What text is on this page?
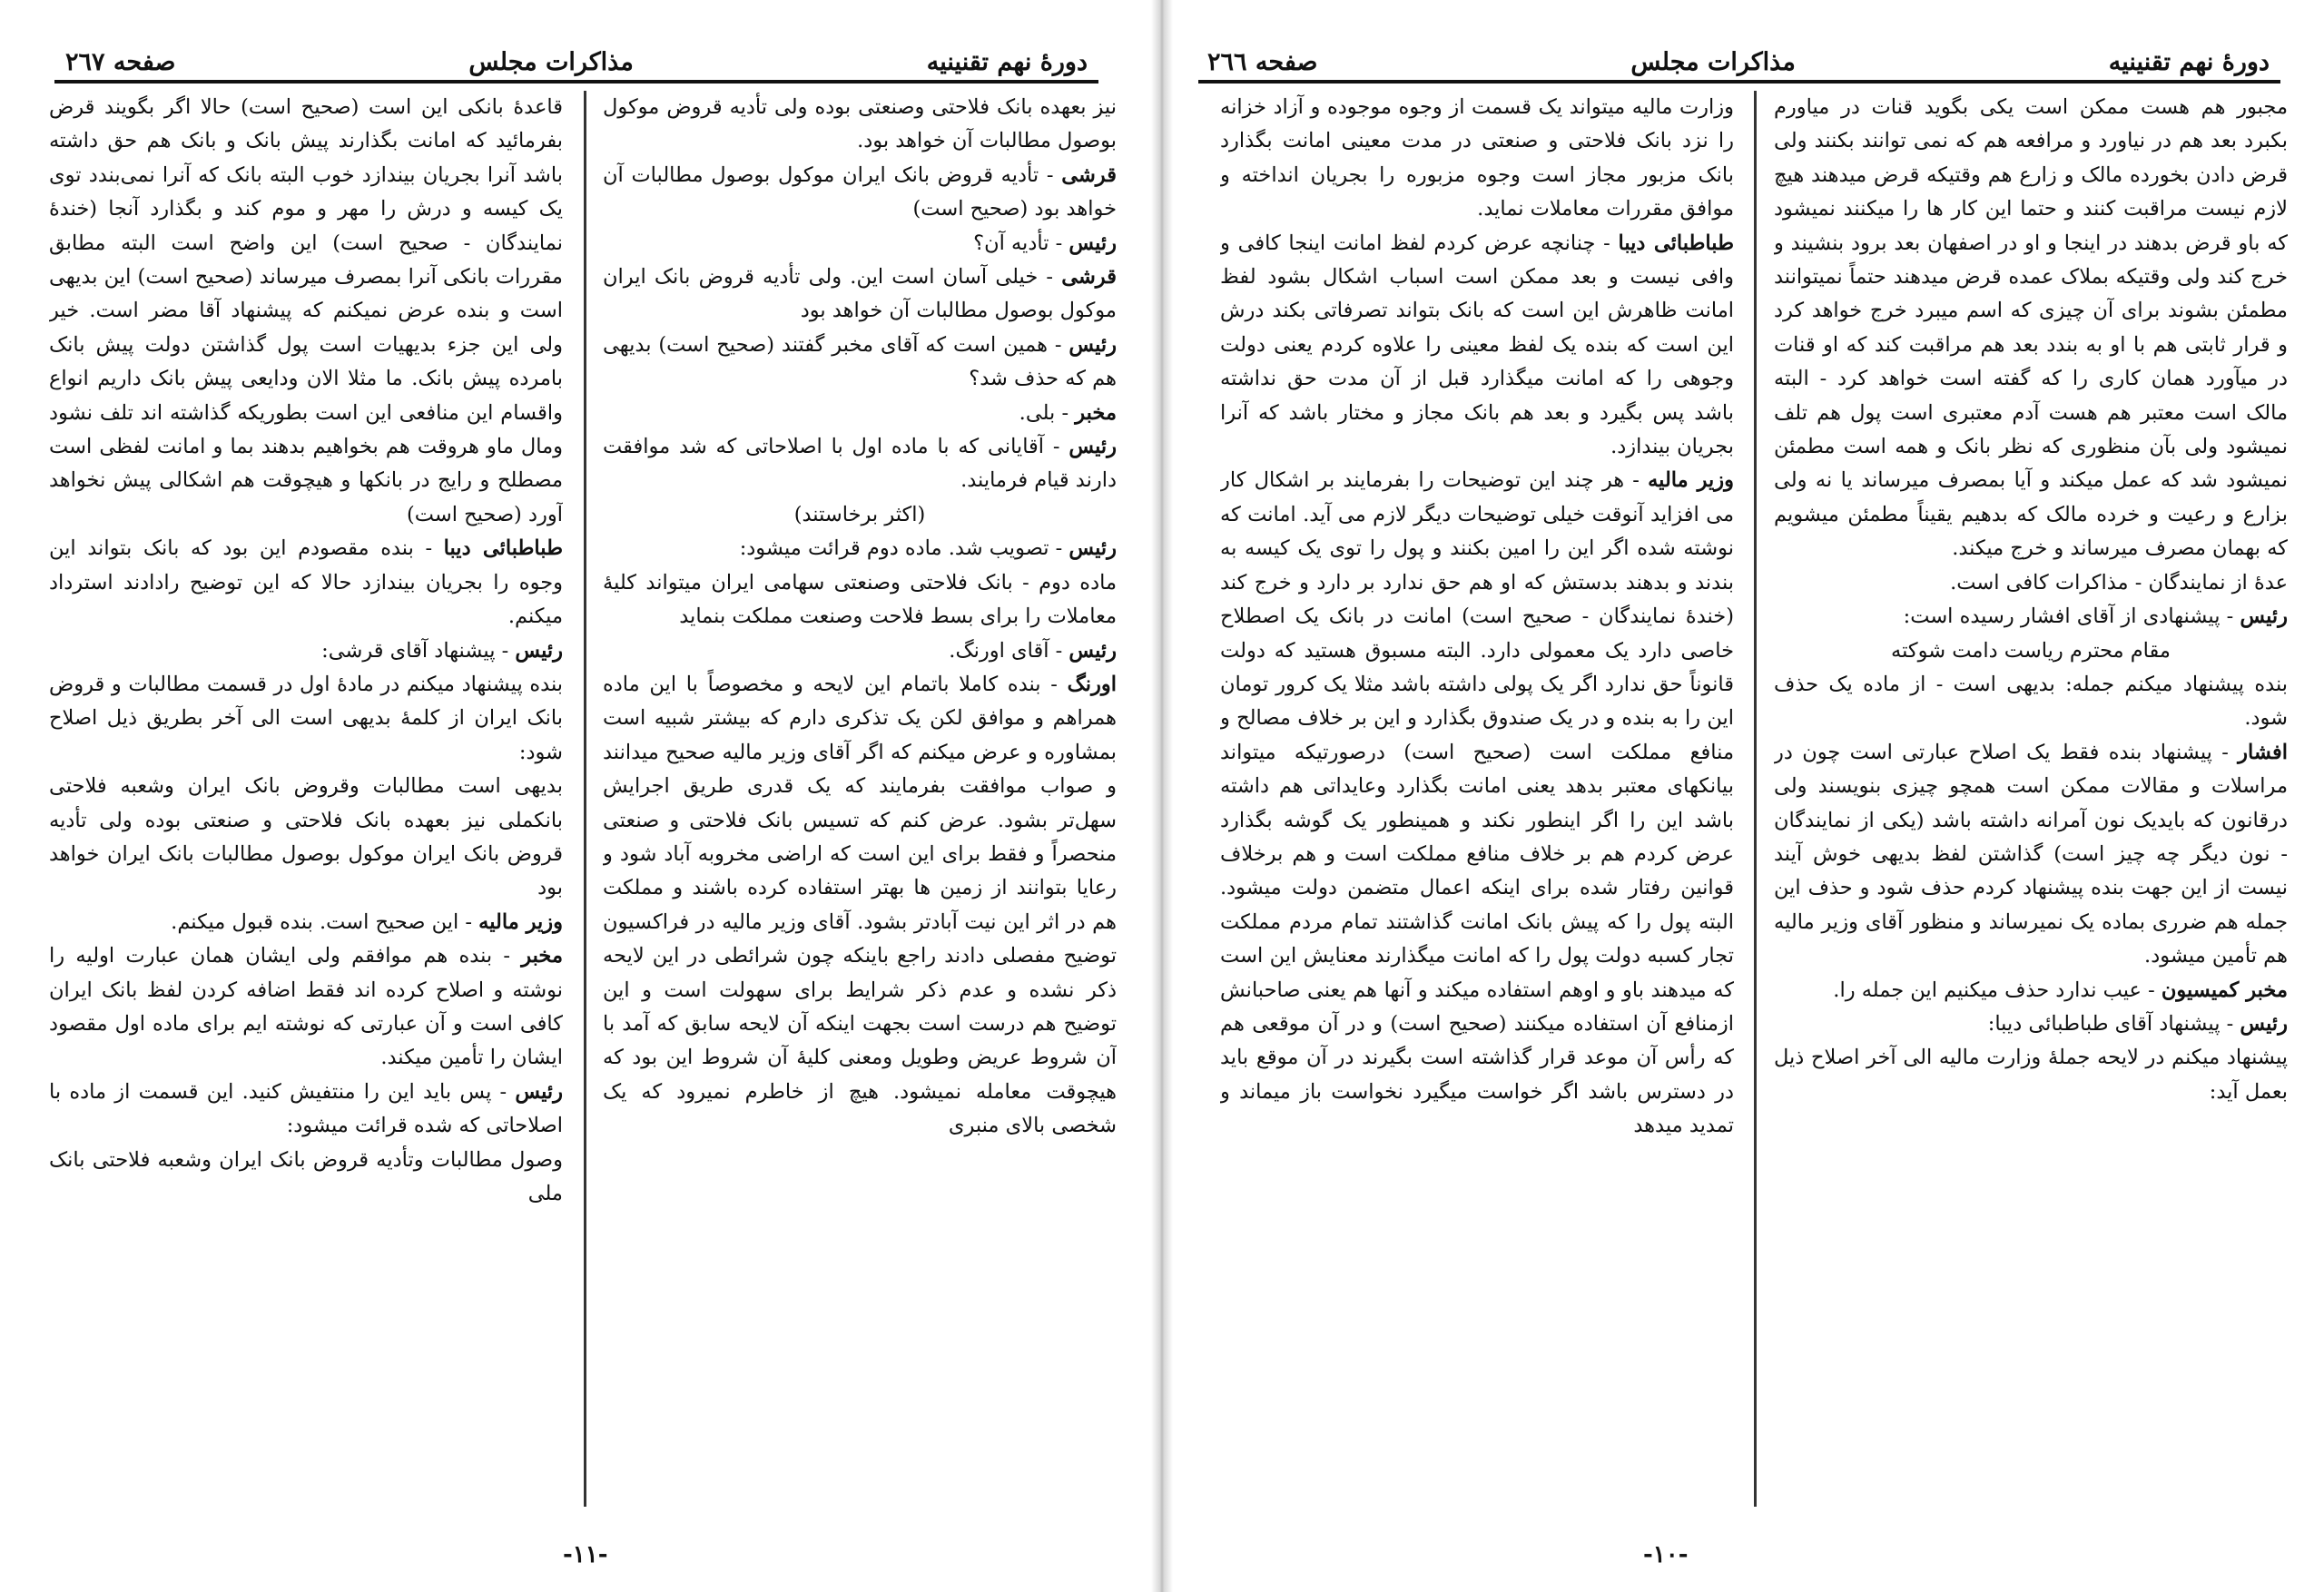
دورهٔ نهم تقنینیه
مذاکرات مجلس
صفحه ٢٦٧

نیز بعهده بانک فلاحتی وصنعتی بوده ولی تأدیه قروض موکول بوصول مطالبات آن خواهد بود.

قرشی - تأدیه قروض بانک ایران موکول بوصول مطالبات آن خواهد بود (صحیح است)

رئیس - تأدیه آن؟

قرشی - خیلی آسان است این. ولی تأدیه قروض بانک ایران موکول بوصول مطالبات آن خواهد بود

رئیس - همین است که آقای مخبر گفتند (صحیح است) بدیهی هم که حذف شد؟

مخبر - بلی.

رئیس - آقایانی که با ماده اول با اصلاحاتی که شد موافقت دارند قیام فرمایند.

(اکثر برخاستند)

رئیس - تصویب شد. ماده دوم قرائت میشود:

ماده دوم - بانک فلاحتی وصنعتی سهامی ایران میتواند کلیهٔ معاملات را برای بسط فلاحت وصنعت مملکت بنماید

رئیس - آقای اورنگ.

اورنگ - بنده کاملا باتمام این لایحه و مخصوصاً با این ماده همراهم و موافق لکن یک تذکری دارم که بیشتر شبیه است بمشاوره و عرض میکنم که اگر آقای وزیر مالیه صحیح میدانند و صواب موافقت بفرمایند که یک قدری طریق اجرایش سهل‌تر بشود. عرض کنم که تسیس بانک فلاحتی و صنعتی منحصراً و فقط برای این است که اراضی مخروبه آباد شود و رعایا بتوانند از زمین ها بهتر استفاده کرده باشند و مملکت هم در اثر این نیت آبادتر بشود. آقای وزیر مالیه در فراکسیون توضیح مفصلی دادند راجع باینکه چون شرائطی در این لایحه ذکر نشده و عدم ذکر شرایط برای سهولت است و این توضیح هم درست است بجهت اینکه آن لایحه سابق که آمد با آن شروط عریض وطویل ومعنی کلیهٔ آن شروط این بود که هیچوقت معامله نمیشود. هیچ از خاطرم نمیرود که یک شخصی بالای منبری

قاعدهٔ بانکی این است (صحیح است) حالا اگر بگویند قرض بفرمائید که امانت بگذارند پیش بانک و بانک هم حق داشته باشد آنرا بجریان بیندازد خوب البته بانک که آنرا نمی‌بندد توی یک کیسه و درش را مهر و موم کند و بگذارد آنجا (خندهٔ نمایندگان - صحیح است) این واضح است البته مطابق مقررات بانکی آنرا بمصرف میرساند (صحیح است) این بدیهی است و بنده عرض نمیکنم که پیشنهاد آقا مضر است. خیر ولی این جزء بدیهیات است پول گذاشتن دولت پیش بانک بامرده پیش بانک. ما مثلا الان ودایعی پیش بانک داریم انواع واقسام این منافعی این است بطوریکه گذاشته اند تلف نشود ومال ماو هروقت هم بخواهیم بدهند بما و امانت لفظی است مصطلح و رایج در بانکها و هیچوقت هم اشکالی پیش نخواهد آورد (صحیح است)

طباطبائی دیبا - بنده مقصودم این بود که بانک بتواند این وجوه را بجریان بیندازد حالا که این توضیح رادادند استرداد میکنم.

رئیس - پیشنهاد آقای قرشی:

بنده پیشنهاد میکنم در مادهٔ اول در قسمت مطالبات و قروض بانک ایران از کلمهٔ بدیهی است الی آخر بطریق ذیل اصلاح شود:

بدیهی است مطالبات وقروض بانک ایران وشعبه فلاحتی بانکملی نیز بعهده بانک فلاحتی و صنعتی بوده ولی تأدیه قروض بانک ایران موکول بوصول مطالبات بانک ایران خواهد بود

وزیر مالیه - این صحیح است. بنده قبول میکنم.

مخبر - بنده هم موافقم ولی ایشان همان عبارت اولیه را نوشته و اصلاح کرده اند فقط اضافه کردن لفظ بانک ایران کافی است و آن عبارتی که نوشته ایم برای ماده اول مقصود ایشان را تأمین میکند.

رئیس - پس باید این را منتفیش کنید. این قسمت از ماده با اصلاحاتی که شده قرائت میشود:

وصول مطالبات وتأدیه قروض بانک ایران وشعبه فلاحتی بانک ملی

-١١-
دورهٔ نهم تقنینیه
مذاکرات مجلس
صفحه ٢٦٦

مجبور هم هست ممکن است یکی بگوید قنات در میاورم بکبرد بعد هم در نیاورد و مرافعه هم که نمی توانند بکنند ولی قرض دادن بخورده مالک و زارع هم وقتیکه قرض میدهند هیچ لازم نیست مراقبت کنند و حتما این کار ها را میکنند نمیشود که باو قرض بدهند در اینجا و او در اصفهان بعد برود بنشیند و خرج کند ولی وقتیکه بملاک عمده قرض میدهند حتماً نمیتوانند مطمئن بشوند برای آن چیزی که اسم میبرد خرج خواهد کرد و قرار ثابتی هم با او به بندد بعد هم مراقبت کند که او قنات در میآورد همان کاری را که گفته است خواهد کرد - البته مالک است معتبر هم هست آدم معتبری است پول هم تلف نمیشود ولی بآن منظوری که نظر بانک و همه است مطمئن نمیشود شد که عمل میکند و آیا بمصرف میرساند یا نه ولی بزارع و رعیت و خرده مالک که بدهیم یقیناً مطمئن میشویم که بهمان مصرف میرساند و خرج میکند.

عدهٔ از نمایندگان - مذاکرات کافی است.

رئیس - پیشنهادی از آقای افشار رسیده است:

مقام محترم ریاست دامت شوکته

بنده پیشنهاد میکنم جمله: بدیهی است - از ماده یک حذف شود.

افشار - پیشنهاد بنده فقط یک اصلاح عبارتی است چون در مراسلات و مقالات ممکن است همچو چیزی بنویسند ولی درقانون که بایدیک نون آمرانه داشته باشد (یکی از نمایندگان - نون دیگر چه چیز است) گذاشتن لفظ بدیهی خوش آیند نیست از این جهت بنده پیشنهاد کردم حذف شود و حذف این جمله هم ضرری بماده یک نمیرساند و منظور آقای وزیر مالیه هم تأمین میشود.

مخبر کمیسیون - عیب ندارد حذف میکنیم این جمله را.

رئیس - پیشنهاد آقای طباطبائی دیبا:

پیشنهاد میکنم در لایحه جملهٔ وزارت مالیه الی آخر اصلاح ذیل بعمل آید:

وزارت مالیه میتواند یک قسمت از وجوه موجوده و آزاد خزانه را نزد بانک فلاحتی و صنعتی در مدت معینی امانت بگذارد بانک مزبور مجاز است وجوه مزبوره را بجریان انداخته و موافق مقررات معاملات نماید.

طباطبائی دیبا - چنانچه عرض کردم لفظ امانت اینجا کافی و وافی نیست و بعد ممکن است اسباب اشکال بشود لفظ امانت ظاهرش این است که بانک بتواند تصرفاتی بکند درش این است که بنده یک لفظ معینی را علاوه کردم یعنی دولت وجوهی را که امانت میگذارد قبل از آن مدت حق نداشته باشد پس بگیرد و بعد هم بانک مجاز و مختار باشد که آنرا بجریان بیندازد.

وزیر مالیه - هر چند این توضیحات را بفرمایند بر اشکال کار می افزاید آنوقت خیلی توضیحات دیگر لازم می آید. امانت که نوشته شده اگر این را امین بکنند و پول را توی یک کیسه به بندند و بدهند بدستش که او هم حق ندارد بر دارد و خرج کند (خندهٔ نمایندگان - صحیح است) امانت در بانک یک اصطلاح خاصی دارد یک معمولی دارد. البته مسبوق هستید که دولت قانوناً حق ندارد اگر یک پولی داشته باشد مثلا یک کرور تومان این را به بنده و در یک صندوق بگذارد و این بر خلاف مصالح و منافع مملکت است (صحیح است) درصورتیکه میتواند بیانکهای معتبر بدهد یعنی امانت بگذارد وعایداتی هم داشته باشد این را اگر اینطور نکند و همینطور یک گوشه بگذارد عرض کردم هم بر خلاف منافع مملکت است و هم برخلاف قوانین رفتار شده برای اینکه اعمال متضمن دولت میشود. البته پول را که پیش بانک امانت گذاشتند تمام مردم مملکت تجار کسبه دولت پول را که امانت میگذارند معنایش این است که میدهند باو و اوهم استفاده میکند و آنها هم یعنی صاحبانش ازمنافع آن استفاده میکنند (صحیح است) و در آن موقعی هم که رأس آن موعد قرار گذاشته است بگیرند در آن موقع باید در دسترس باشد اگر خواست میگیرد نخواست باز میماند و تمدید میدهد

-١٠-
